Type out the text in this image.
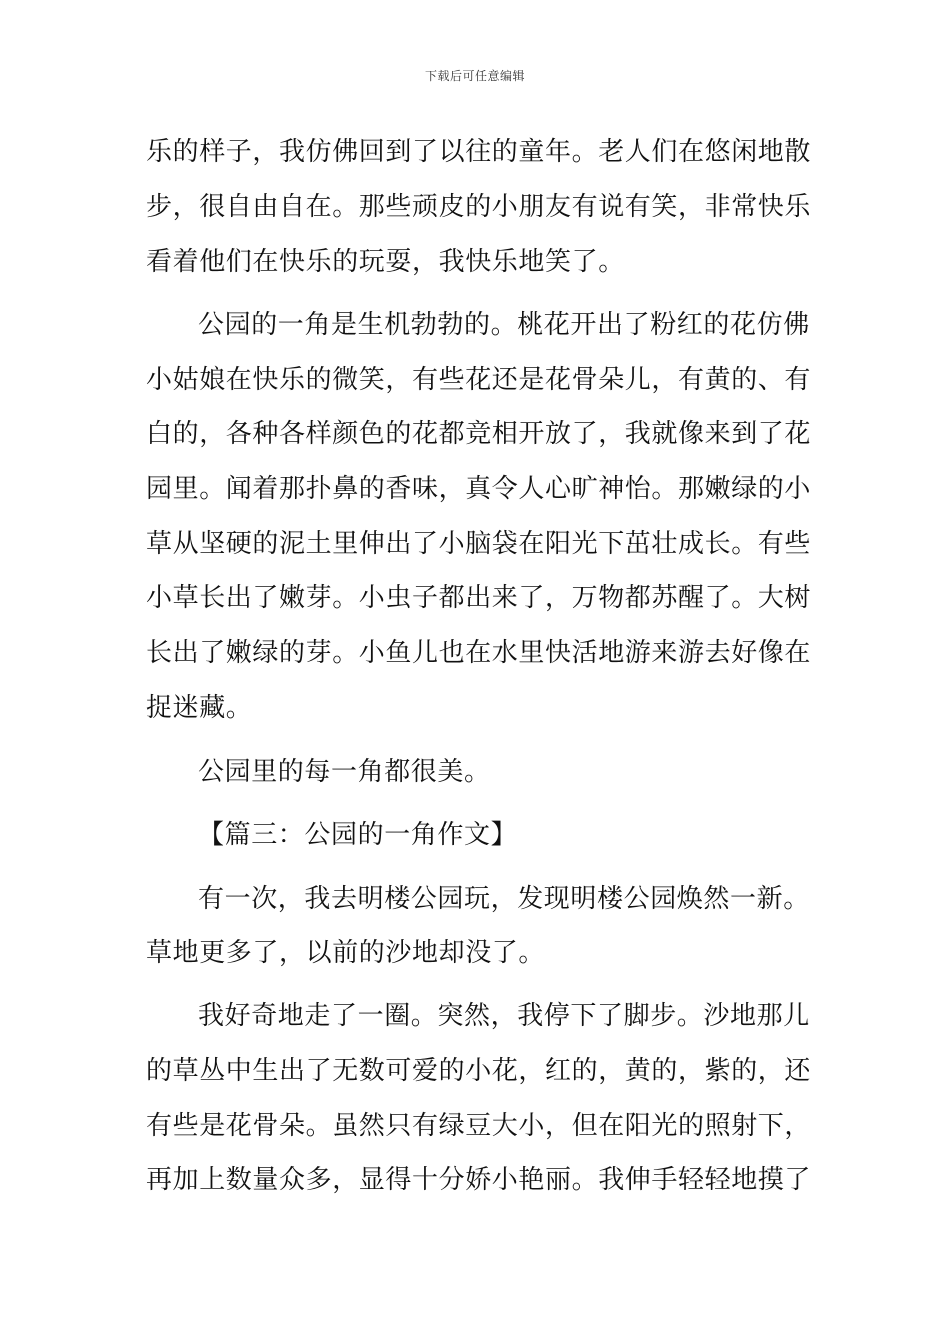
下载后可任意编辑
乐的样子，我仿佛回到了以往的童年。老人们在悠闲地散
步，很自由自在。那些顽皮的小朋友有说有笑，非常快乐
看着他们在快乐的玩耍，我快乐地笑了。
公园的一角是生机勃勃的。桃花开出了粉红的花仿佛
小姑娘在快乐的微笑，有些花还是花骨朵儿，有黄的、有
白的，各种各样颜色的花都竞相开放了，我就像来到了花
园里。闻着那扑鼻的香味，真令人心旷神怡。那嫩绿的小
草从坚硬的泥土里伸出了小脑袋在阳光下茁壮成长。有些
小草长出了嫩芽。小虫子都出来了，万物都苏醒了。大树
长出了嫩绿的芽。小鱼儿也在水里快活地游来游去好像在
捉迷藏。
公园里的每一角都很美。
【篇三：公园的一角作文】
有一次，我去明楼公园玩，发现明楼公园焕然一新。
草地更多了，以前的沙地却没了。
我好奇地走了一圈。突然，我停下了脚步。沙地那儿
的草丛中生出了无数可爱的小花，红的，黄的，紫的，还
有些是花骨朵。虽然只有绿豆大小，但在阳光的照射下，
再加上数量众多，显得十分娇小艳丽。我伸手轻轻地摸了
